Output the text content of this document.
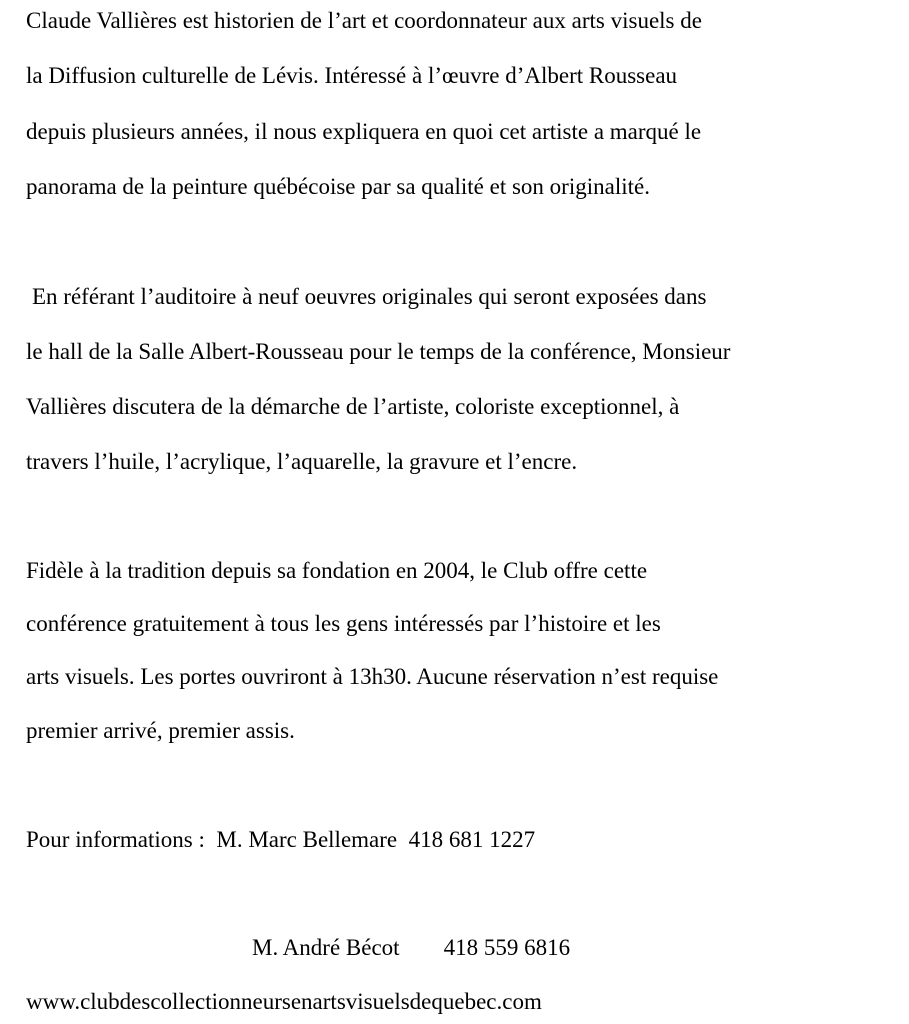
Claude Vallières est historien de l’art et coordonnateur aux arts visuels de

la Diffusion culturelle de Lévis. Intéressé à l’œuvre d’Albert Rousseau

depuis plusieurs années, il nous expliquera en quoi cet artiste a marqué le

panorama de la peinture québécoise par sa qualité et son originalité.

En référant l’auditoire à neuf oeuvres originales qui seront exposées dans

le hall de la Salle Albert-Rousseau pour le temps de la conférence, Monsieur

Vallières discutera de la démarche de l’artiste, coloriste exceptionnel, à

travers l’huile, l’acrylique, l’aquarelle, la gravure et l’encre.

Fidèle à la tradition depuis sa fondation en 2004, le Club offre cette

conférence gratuitement à tous les gens intéressés par l’histoire et les

arts visuels. Les portes ouvriront à 13h30. Aucune réservation n’est requise

premier arrivé, premier assis.

Pour informations : M. Marc Bellemare 418 681 1227

M. André Bécot 418 559 6816

www.clubdescollectionneursenartsvisuelsdequebec.com
